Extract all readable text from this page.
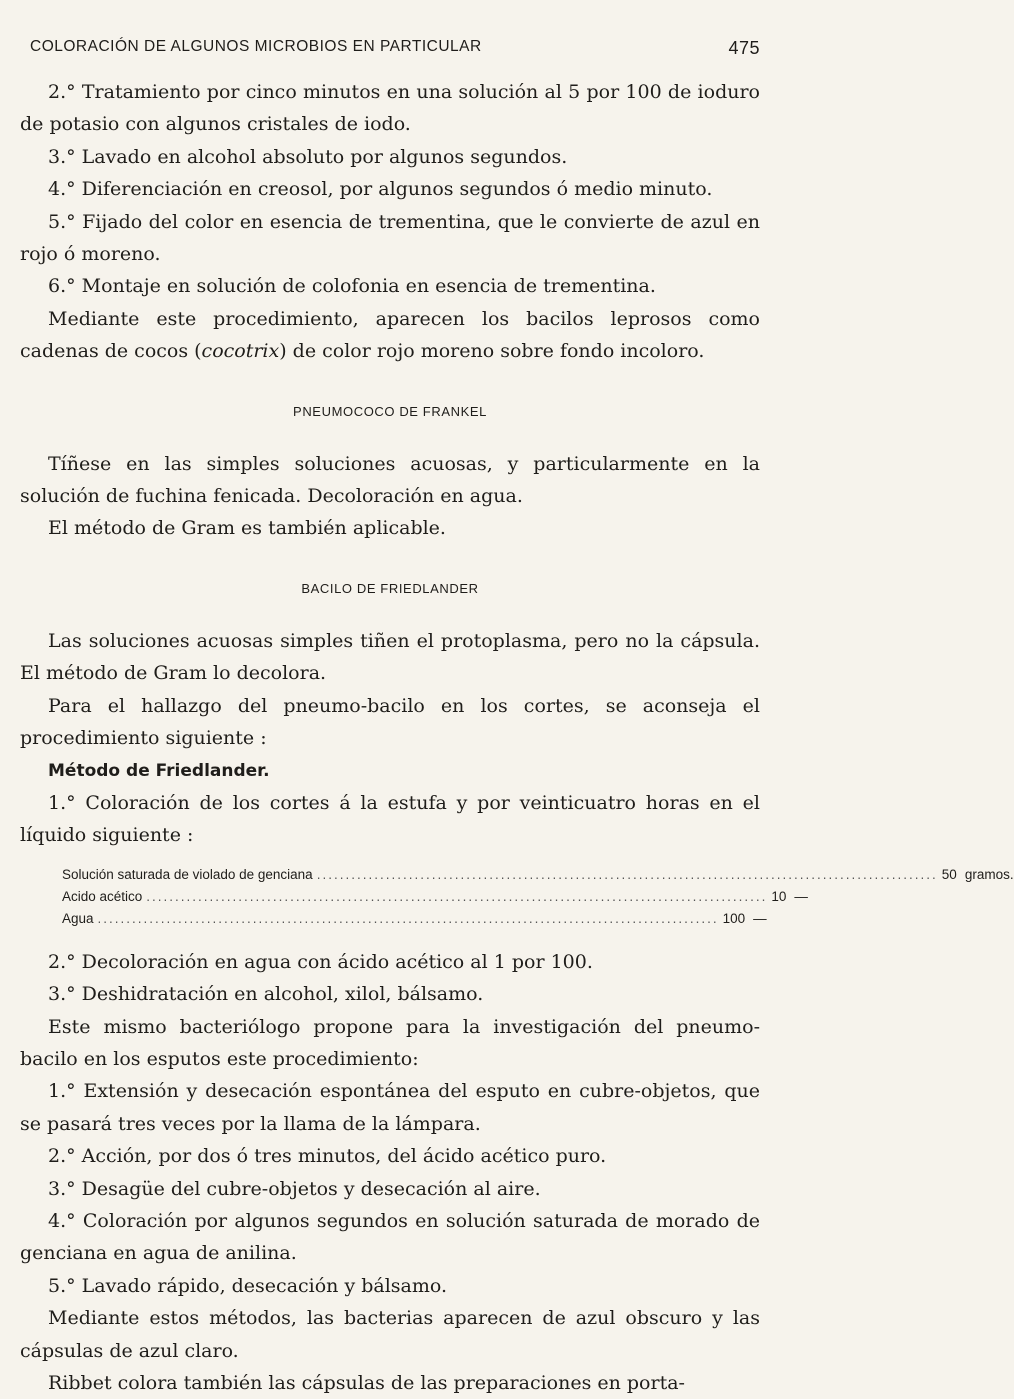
COLORACIÓN DE ALGUNOS MICROBIOS EN PARTICULAR	475

2.° Tratamiento por cinco minutos en una solución al 5 por 100 de ioduro de potasio con algunos cristales de iodo.

3.° Lavado en alcohol absoluto por algunos segundos.

4.° Diferenciación en creosol, por algunos segundos ó medio minuto.

5.° Fijado del color en esencia de trementina, que le convierte de azul en rojo ó moreno.

6.° Montaje en solución de colofonia en esencia de trementina.

Mediante este procedimiento, aparecen los bacilos leprosos como cadenas de cocos (cocotrix) de color rojo moreno sobre fondo incoloro.

PNEUMOCOCO DE FRANKEL

Tíñese en las simples soluciones acuosas, y particularmente en la solución de fuchina fenicada. Decoloración en agua.

El método de Gram es también aplicable.

BACILO DE FRIEDLANDER

Las soluciones acuosas simples tiñen el protoplasma, pero no la cápsula. El método de Gram lo decolora.

Para el hallazgo del pneumo-bacilo en los cortes, se aconseja el procedimiento siguiente :

Método de Friedlander.

1.° Coloración de los cortes á la estufa y por veinticuatro horas en el líquido siguiente :

Solución saturada de violado de genciana ............................................................................................................ 50 gramos.
Acido acético ............................................................................................................ 10 —
Agua ............................................................................................................ 100 —

2.° Decoloración en agua con ácido acético al 1 por 100.

3.° Deshidratación en alcohol, xilol, bálsamo.

Este mismo bacteriólogo propone para la investigación del pneumo-bacilo en los esputos este procedimiento:

1.° Extensión y desecación espontánea del esputo en cubre-objetos, que se pasará tres veces por la llama de la lámpara.

2.° Acción, por dos ó tres minutos, del ácido acético puro.

3.° Desagüe del cubre-objetos y desecación al aire.

4.° Coloración por algunos segundos en solución saturada de morado de genciana en agua de anilina.

5.° Lavado rápido, desecación y bálsamo.

Mediante estos métodos, las bacterias aparecen de azul obscuro y las cápsulas de azul claro.

Ribbet colora también las cápsulas de las preparaciones en porta-
